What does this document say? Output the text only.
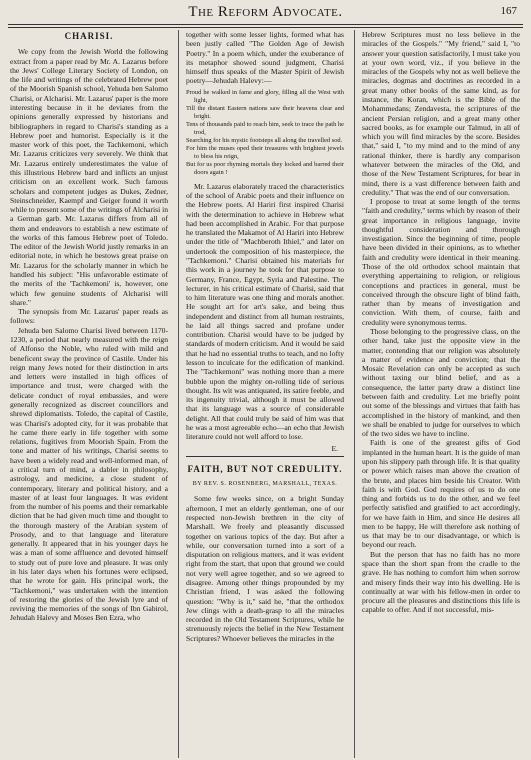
The Reform Advocate.	167
CHARISI.

We copy from the Jewish World the following extract from a paper read by Mr. A. Lazarus before the Jews' College Literary Society of London, on the life and writings of the celebrated Hebrew poet of the Moorish Spanish school, Yehuda ben Salomo Charisi, or Alcharisi. Mr. Lazarus' paper is the more interesting because in it he deviates from the opinions generally expressed by historians and bibliographers in regard to Charisi's standing as a Hebrew poet and humorist. Especially is it the master work of this poet, the Tachkemoni, which Mr. Lazarus criticizes very severely. We think that Mr. Lazarus entirely underestimates the value of this illustrious Hebrew bard and inflicts an unjust criticism on an excellent work. Such famous scholars and competent judges as Dukes, Zedner, Steinschneider, Kaempf and Geiger found it worth while to present some of the writings of Alcharisi in a German garb. Mr. Lazarus differs from all of them and endeavors to establish a new estimate of the works of this famous Hebrew poet of Toledo. The editor of the Jewish World justly remarks in an editorial note, in which he bestows great praise on Mr. Lazarus for the scholarly manner in which he handled his subject: "His unfavorable estimate of the merits of the 'Tachkemoni' is, however, one which few genuine students of Alcharisi will share."

The synopsis from Mr. Lazarus' paper reads as follows:

Jehuda ben Salomo Charisi lived between 1170-1230, a period that nearly measured with the reign of Alfonso the Noble, who ruled with mild and beneficent sway the province of Castile. Under his reign many Jews noted for their distinction in arts and letters were installed in high offices of importance and trust, were charged with the delicate conduct of royal embassies, and were generally recognized as discreet councillors and shrewd diplomatists. Toledo, the capital of Castile, was Charisi's adopted city, for it was probable that he came there early in life together with some relations, fugitives from Moorish Spain. From the tone and matter of his writings, Charisi seems to have been a widely read and well-informed man, of a critical turn of mind, a dabler in philosophy, astrology, and medicine, a close student of contemporary, literary and political history, and a master of at least four languages. It was evident from the number of his poems and their remarkable diction that he had given much time and thought to the thorough mastery of the Arabian system of Prosody, and to that language and literature generally. It appeared that in his younger days he was a man of some affluence and devoted himself to study out of pure love and pleasure. It was only in his later days when his fortunes were eclipsed, that he wrote for gain. His principal work, the "Tachkemoni," was undertaken with the intention of restoring the glories of the Jewish lyre and of reviving the memories of the songs of Ibn Gabirol, Jehudah Halevy and Moses Ben Ezra, who

together with some lesser lights, formed what has been justly called "The Golden Age of Jewish Poetry." In a poem which, under the exuberance of its metaphor showed sound judgment, Charisi himself thus speaks of the Master Spirit of Jewish poetry—Jehudah Halevy:—

Proud he walked in fame and glory, filling all the West with light,
Till the distant Eastern nations saw their heavens clear and bright.
Tens of thousands paid to reach him, seek to trace the path he trod,
Searching for his mystic footsteps all along the travelled sod.
For him the muses oped their treasures with brightest jewels to bless his reign,
But for us poor rhyming mortals they locked and barred their doors again !

Mr. Lazarus elaborately traced the characteristics of the school of Arabic poets and their influence on the Hebrew poets. Al Hariri first inspired Charisi with the determination to achieve in Hebrew what had been accomplished in Arabic. For that purpose he translated the Makamot of Al Hariri into Hebrew under the title of "Machberoth Ithiel," and later on undertook the composition of his masterpiece, the "Tachkemoni." Charisi obtained his materials for this work in a journey he took for that purpose to Germany, France, Egypt, Syria and Palestine. The lecturer, in his critical estimate of Charisi, said that to him literature was one thing and morals another. He sought art for art's sake, and being thus independent and distinct from all human restraints, he laid all things sacred and profane under contribution. Charisi would have to be judged by standards of modern criticism. And it would be said that he had no essential truths to teach, and no lofty lesson to inculcate for the edification of mankind. The "Tachkemoni" was nothing more than a mere bubble upon the mighty on-rolling tide of serious thought. Its wit was antiquated, its satire feeble, and its ingenuity trivial, although it must be allowed that its language was a source of considerable delight. All that could truly be said of him was that he was a most agreeable echo—an echo that Jewish literature could not well afford to lose.

E.
FAITH, BUT NOT CREDULITY.
BY REV. S. ROSENBERG, MARSHALL, TEXAS.

Some few weeks since, on a bright Sunday afternoon, I met an elderly gentleman, one of our respected non-Jewish brethren in the city of Marshall. We freely and pleasantly discussed together on various topics of the day. But after a while, our conversation turned into a sort of a disputation on religious matters, and it was evident right from the start, that upon that ground we could not very well agree together, and so we agreed to disagree. Among other things propounded by my Christian friend, I was asked the following question: "Why is it," said he, "that the orthodox Jew clings with a death-grasp to all the miracles recorded in the Old Testament Scriptures, while he strenuously rejects the belief in the New Testament Scriptures? Whoever believes the miracles in the

Hebrew Scriptures must no less believe in the miracles of the Gospels." "My friend," said I, "to answer your question satisfactorily, I must take you at your own word, viz., if you believe in the miracles of the Gospels why not as well believe the miracles, dogmas and doctrines as recorded in a great many other books of the same kind, as for instance, the Koran, which is the Bible of the Mohammedans; Zendavesta, the scriptures of the ancient Persian religion, and a great many other sacred books, as for example our Talmud, in all of which you will find miracles by the score. Besides that," said I, "to my mind and to the mind of any rational thinker, there is hardly any comparison whatever between the miracles of the Old, and those of the New Testament Scriptures, for bear in mind, there is a vast difference between faith and credulity." That was the end of our conversation.

I propose to treat at some length of the terms "faith and credulity," terms which by reason of their great importance in religious language, invite thoughtful consideration and thorough investigation. Since the beginning of time, people have been divided in their opinions, as to whether faith and credulity were identical in their meaning. Those of the old orthodox school maintain that everything appertaining to religion, or religious conceptions and practices in general, must be conceived through the obscure light of blind faith, rather than by means of investigation and conviction. With them, of course, faith and credulity were synonymous terms.

Those belonging to the progressive class, on the other hand, take just the opposite view in the matter, contending that our religion was absolutely a matter of evidence and conviction; that the Mosaic Revelation can only be accepted as such without taxing our blind belief, and as a consequence, the latter party draw a distinct line between faith and credulity. Let me briefly point out some of the blessings and virtues that faith has accomplished in the history of mankind, and then we shall be enabled to judge for ourselves to which of the two sides we have to incline.

Faith is one of the greatest gifts of God implanted in the human heart. It is the guide of man upon his slippery path through life. It is that quality or power which raises man above the creation of the brute, and places him beside his Creator. With faith is with God. God requires of us to do one thing and forbids us to do the other, and we feel perfectly satisfied and gratified to act accordingly, for we have faith in Him, and since He desires all men to be happy, He will therefore ask nothing of us that may be to our disadvantage, or which is beyond our reach.

But the person that has no faith has no more space than the short span from the cradle to the grave. He has nothing to comfort him when sorrow and misery finds their way into his dwelling. He is continually at war with his fellow-men in order to procure all the pleasures and distinctions this life is capable to offer. And if not successful, mis-
